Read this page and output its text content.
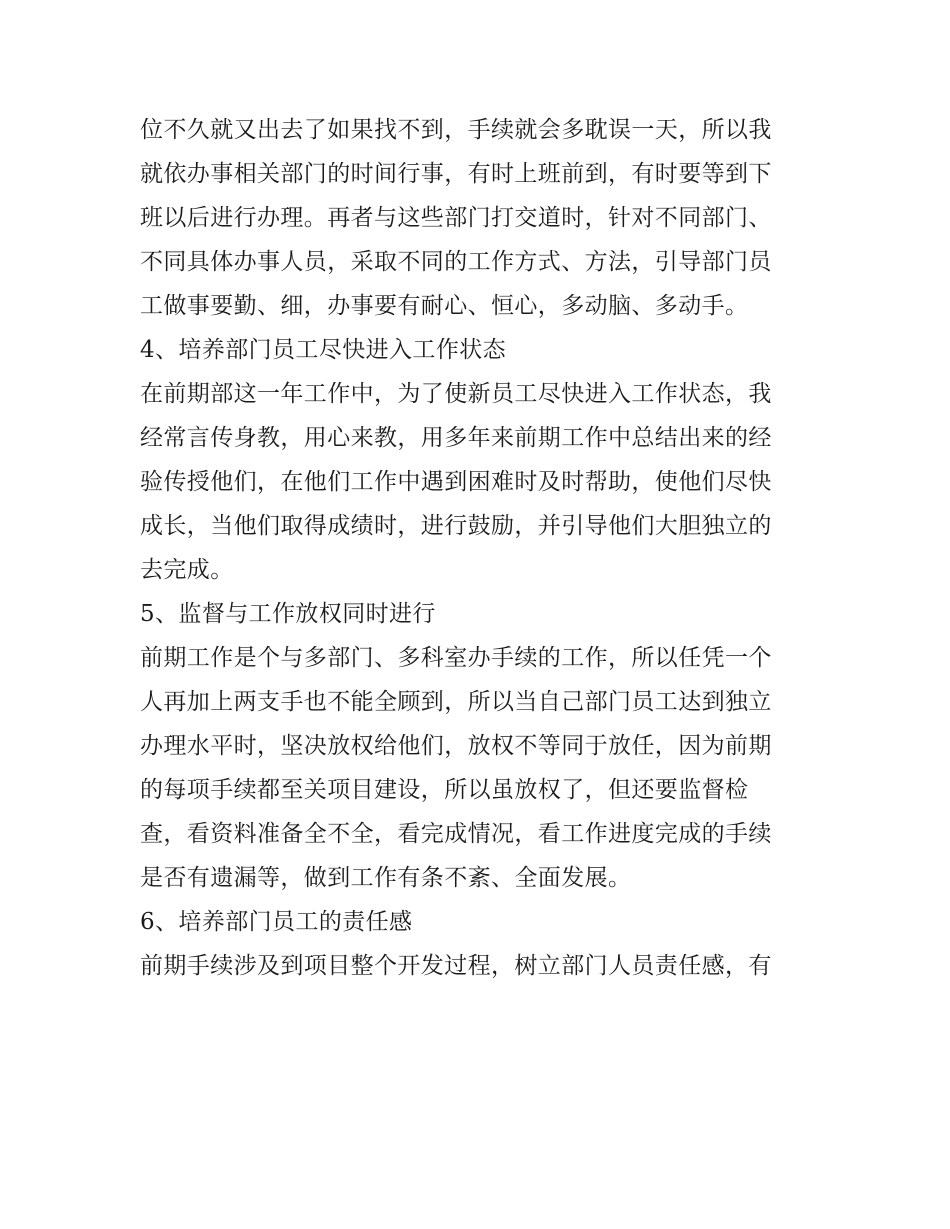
位不久就又出去了如果找不到，手续就会多耽误一天，所以我
就依办事相关部门的时间行事，有时上班前到，有时要等到下
班以后进行办理。再者与这些部门打交道时，针对不同部门、
不同具体办事人员，采取不同的工作方式、方法，引导部门员
工做事要勤、细，办事要有耐心、恒心，多动脑、多动手。
4、培养部门员工尽快进入工作状态
在前期部这一年工作中，为了使新员工尽快进入工作状态，我
经常言传身教，用心来教，用多年来前期工作中总结出来的经
验传授他们，在他们工作中遇到困难时及时帮助，使他们尽快
成长，当他们取得成绩时，进行鼓励，并引导他们大胆独立的
去完成。
5、监督与工作放权同时进行
前期工作是个与多部门、多科室办手续的工作，所以任凭一个
人再加上两支手也不能全顾到，所以当自己部门员工达到独立
办理水平时，坚决放权给他们，放权不等同于放任，因为前期
的每项手续都至关项目建设，所以虽放权了，但还要监督检
查，看资料准备全不全，看完成情况，看工作进度完成的手续
是否有遗漏等，做到工作有条不紊、全面发展。
6、培养部门员工的责任感
前期手续涉及到项目整个开发过程，树立部门人员责任感，有
